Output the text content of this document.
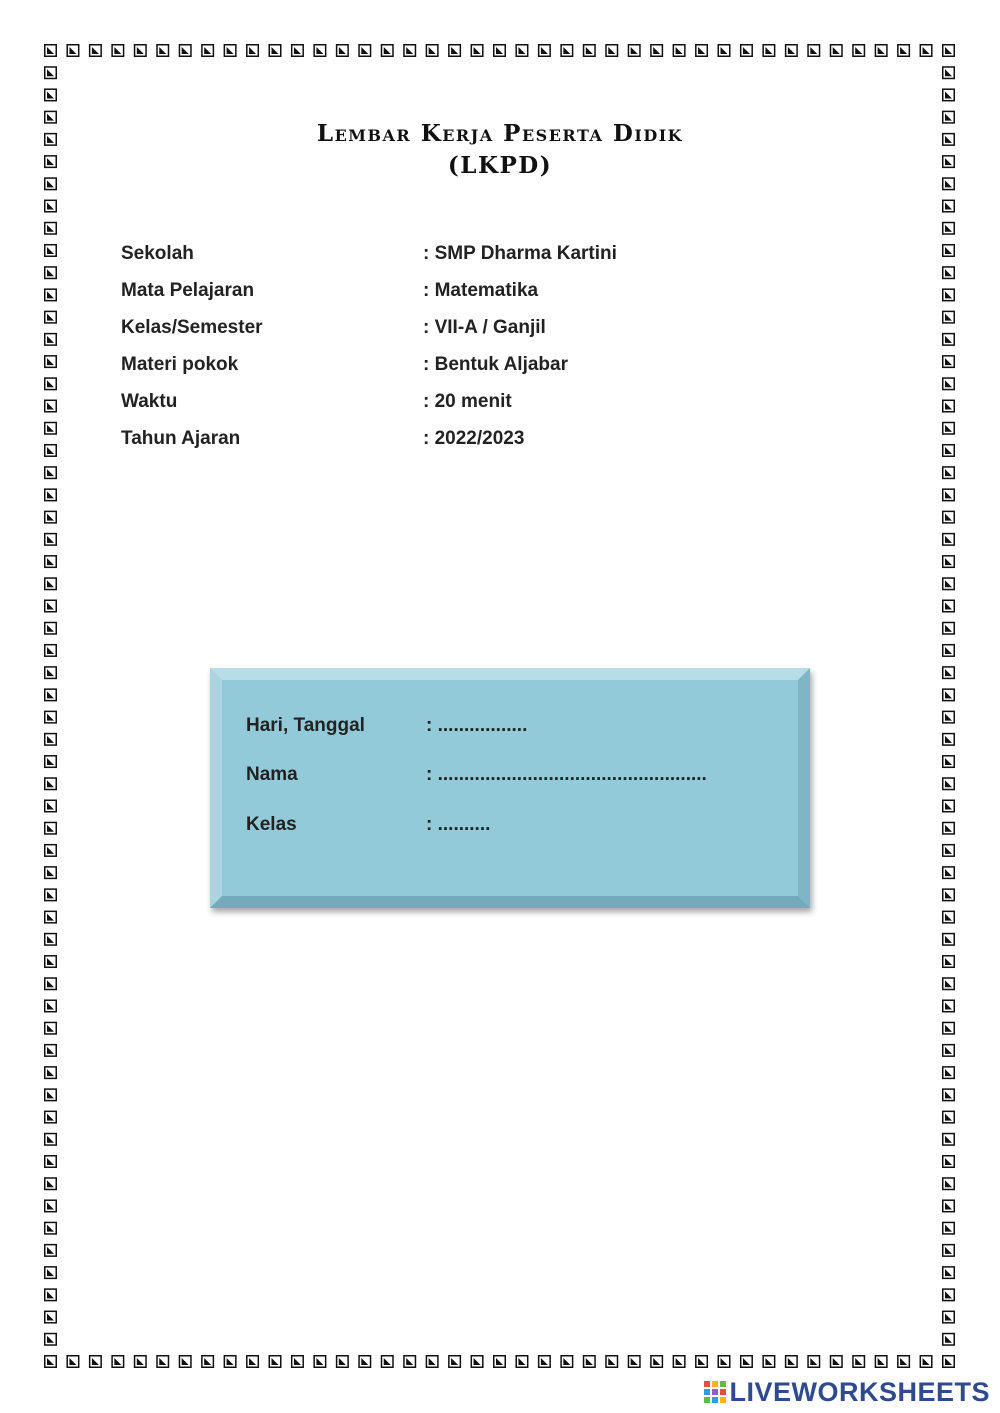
Lembar Kerja Peserta Didik
(LKPD)
Sekolah	: SMP Dharma Kartini
Mata Pelajaran	: Matematika
Kelas/Semester	: VII-A / Ganjil
Materi pokok	: Bentuk Aljabar
Waktu	: 20 menit
Tahun Ajaran	: 2022/2023
Hari, Tanggal	: .................
Nama	: ...................................................
Kelas	: ..........
LIVEWORKSHEETS
